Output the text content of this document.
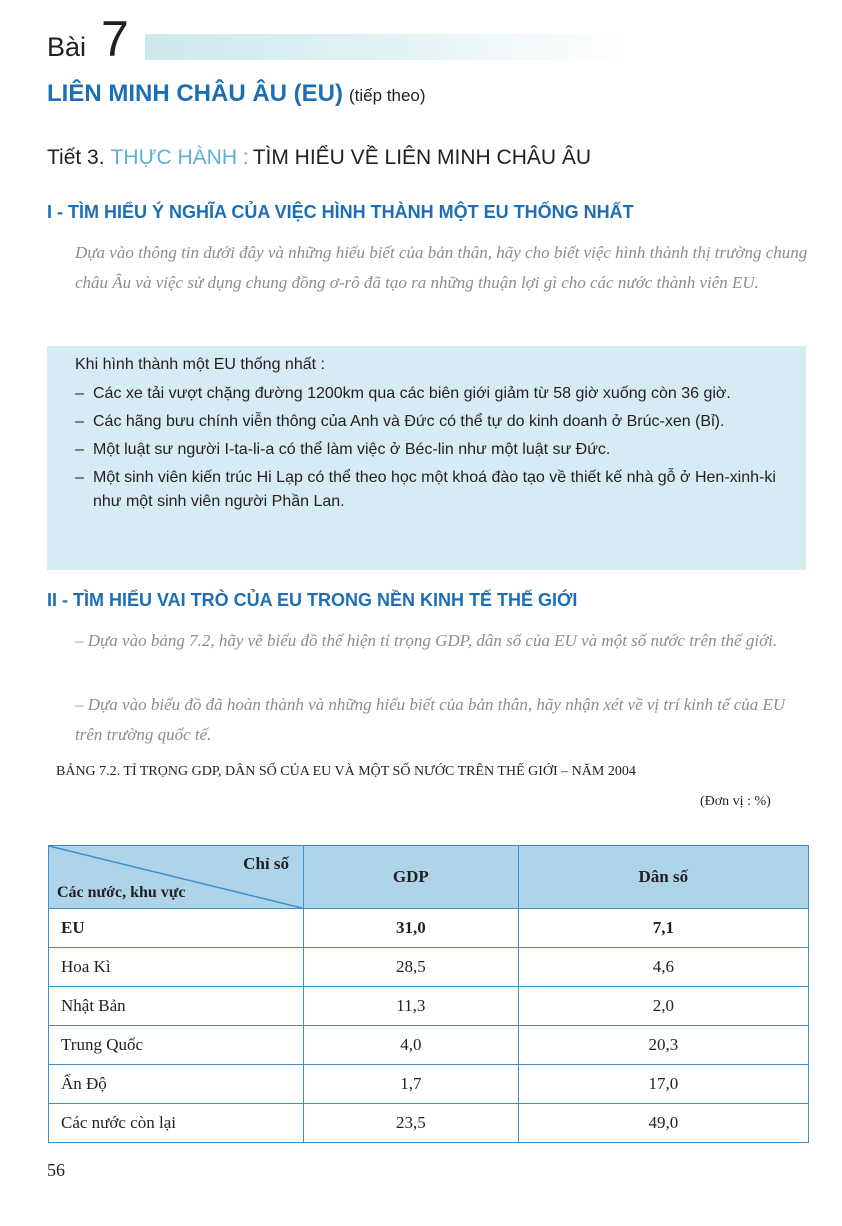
Bài 7
LIÊN MINH CHÂU ÂU (EU) (tiếp theo)
Tiết 3. THỰC HÀNH : TÌM HIỂU VỀ LIÊN MINH CHÂU ÂU
I - TÌM HIỂU Ý NGHĨA CỦA VIỆC HÌNH THÀNH MỘT EU THỐNG NHẤT
Dựa vào thông tin dưới đây và những hiểu biết của bản thân, hãy cho biết việc hình thành thị trường chung châu Âu và việc sử dụng chung đồng ơ-rô đã tạo ra những thuận lợi gì cho các nước thành viên EU.
Khi hình thành một EU thống nhất :
– Các xe tải vượt chặng đường 1200km qua các biên giới giảm từ 58 giờ xuống còn 36 giờ.
– Các hãng bưu chính viễn thông của Anh và Đức có thể tự do kinh doanh ở Brúc-xen (Bỉ).
– Một luật sư người I-ta-li-a có thể làm việc ở Béc-lin như một luật sư Đức.
– Một sinh viên kiến trúc Hi Lạp có thể theo học một khoá đào tạo về thiết kế nhà gỗ ở Hen-xinh-ki như một sinh viên người Phần Lan.
II - TÌM HIỂU VAI TRÒ CỦA EU TRONG NỀN KINH TẾ THẾ GIỚI
– Dựa vào bảng 7.2, hãy vẽ biểu đồ thể hiện tỉ trọng GDP, dân số của EU và một số nước trên thế giới.
– Dựa vào biểu đồ đã hoàn thành và những hiểu biết của bản thân, hãy nhận xét về vị trí kinh tế của EU trên trường quốc tế.
BẢNG 7.2. TỈ TRỌNG GDP, DÂN SỐ CỦA EU VÀ MỘT SỐ NƯỚC TRÊN THẾ GIỚI – NĂM 2004
(Đơn vị : %)
Chỉ số
Các nước, khu vực	GDP	Dân số
EU	31,0	7,1
Hoa Kì	28,5	4,6
Nhật Bản	11,3	2,0
Trung Quốc	4,0	20,3
Ấn Độ	1,7	17,0
Các nước còn lại	23,5	49,0
56
